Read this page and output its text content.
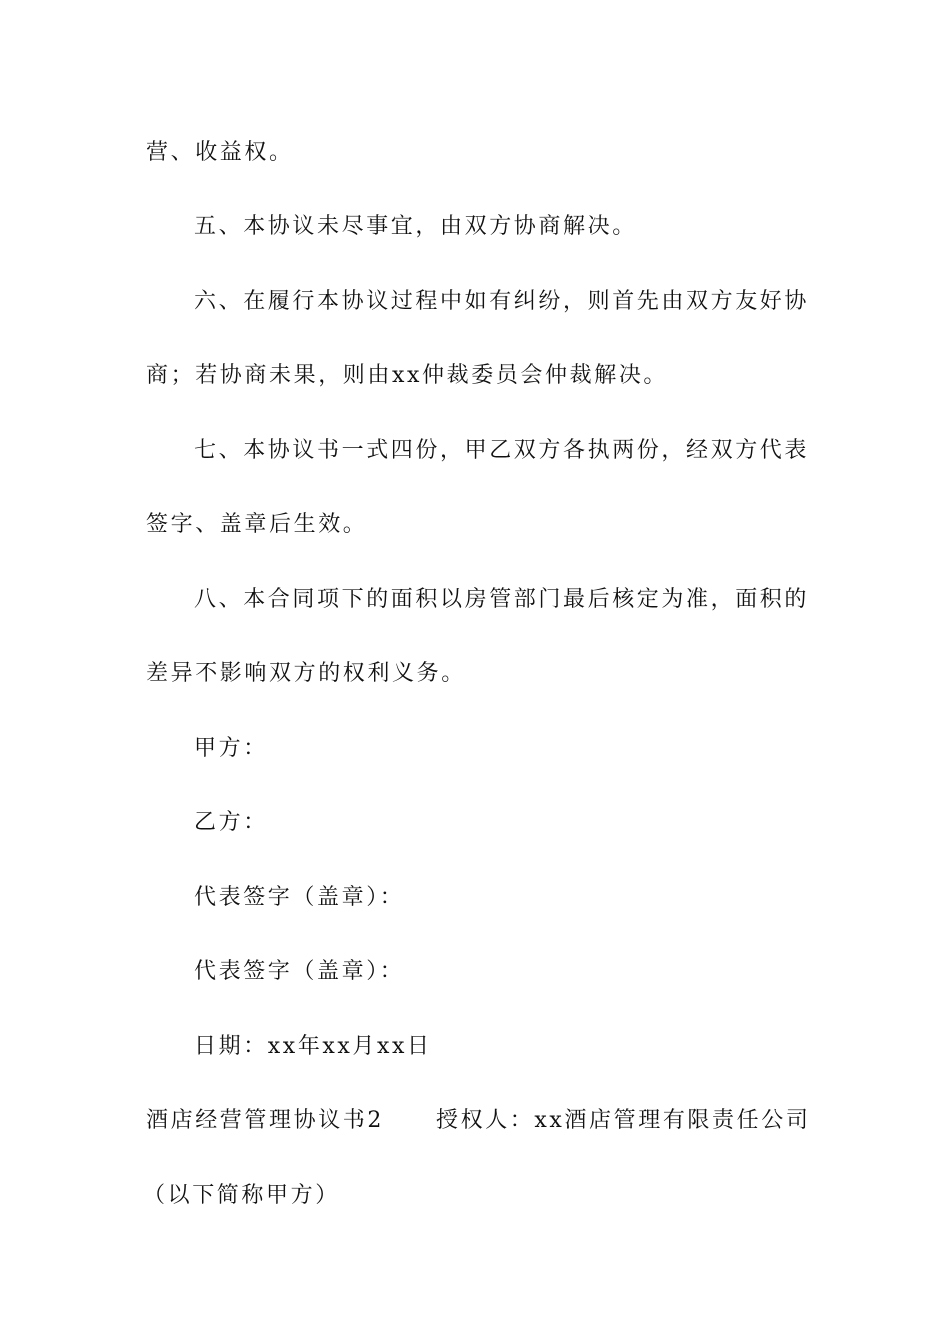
营、收益权。
五、本协议未尽事宜，由双方协商解决。
六、在履行本协议过程中如有纠纷，则首先由双方友好协
商；若协商未果，则由xx仲裁委员会仲裁解决。
七、本协议书一式四份，甲乙双方各执两份，经双方代表
签字、盖章后生效。
八、本合同项下的面积以房管部门最后核定为准，面积的
差异不影响双方的权利义务。
甲方：
乙方：
代表签字（盖章）：
代表签字（盖章）：
日期：xx年xx月xx日
酒店经营管理协议书2 授权人：xx酒店管理有限责任公司
（以下简称甲方）
